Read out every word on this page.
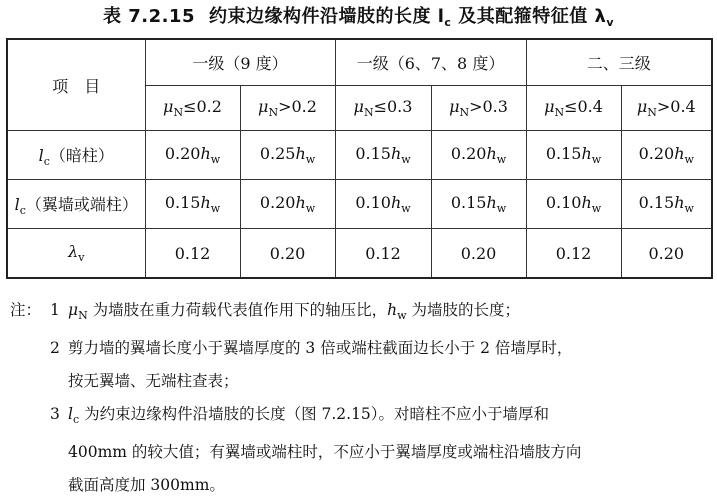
表 7.2.15 约束边缘构件沿墙肢的长度 $l_c$ 及其配箍特征值 $\lambda_v$
项　目	一级（9 度）		一级（6、7、8 度）		二、三级	
	$\mu_N\le 0.2$	$\mu_N>0.2$	$\mu_N\le 0.3$	$\mu_N>0.3$	$\mu_N\le 0.4$	$\mu_N>0.4$
$l_c$（暗柱）	$0.20h_w$	$0.25h_w$	$0.15h_w$	$0.20h_w$	$0.15h_w$	$0.20h_w$
$l_c$（翼墙或端柱）	$0.15h_w$	$0.20h_w$	$0.10h_w$	$0.15h_w$	$0.10h_w$	$0.15h_w$
$\lambda_v$	0.12	0.20	0.12	0.20	0.12	0.20
注： 1 $\mu_N$ 为墙肢在重力荷载代表值作用下的轴压比，$h_w$ 为墙肢的长度；
2 剪力墙的翼墙长度小于翼墙厚度的 3 倍或端柱截面边长小于 2 倍墙厚时，
按无翼墙、无端柱查表；
3 $l_c$ 为约束边缘构件沿墙肢的长度（图 7.2.15）。对暗柱不应小于墙厚和
400mm 的较大值；有翼墙或端柱时，不应小于翼墙厚度或端柱沿墙肢方向
截面高度加 300mm。
